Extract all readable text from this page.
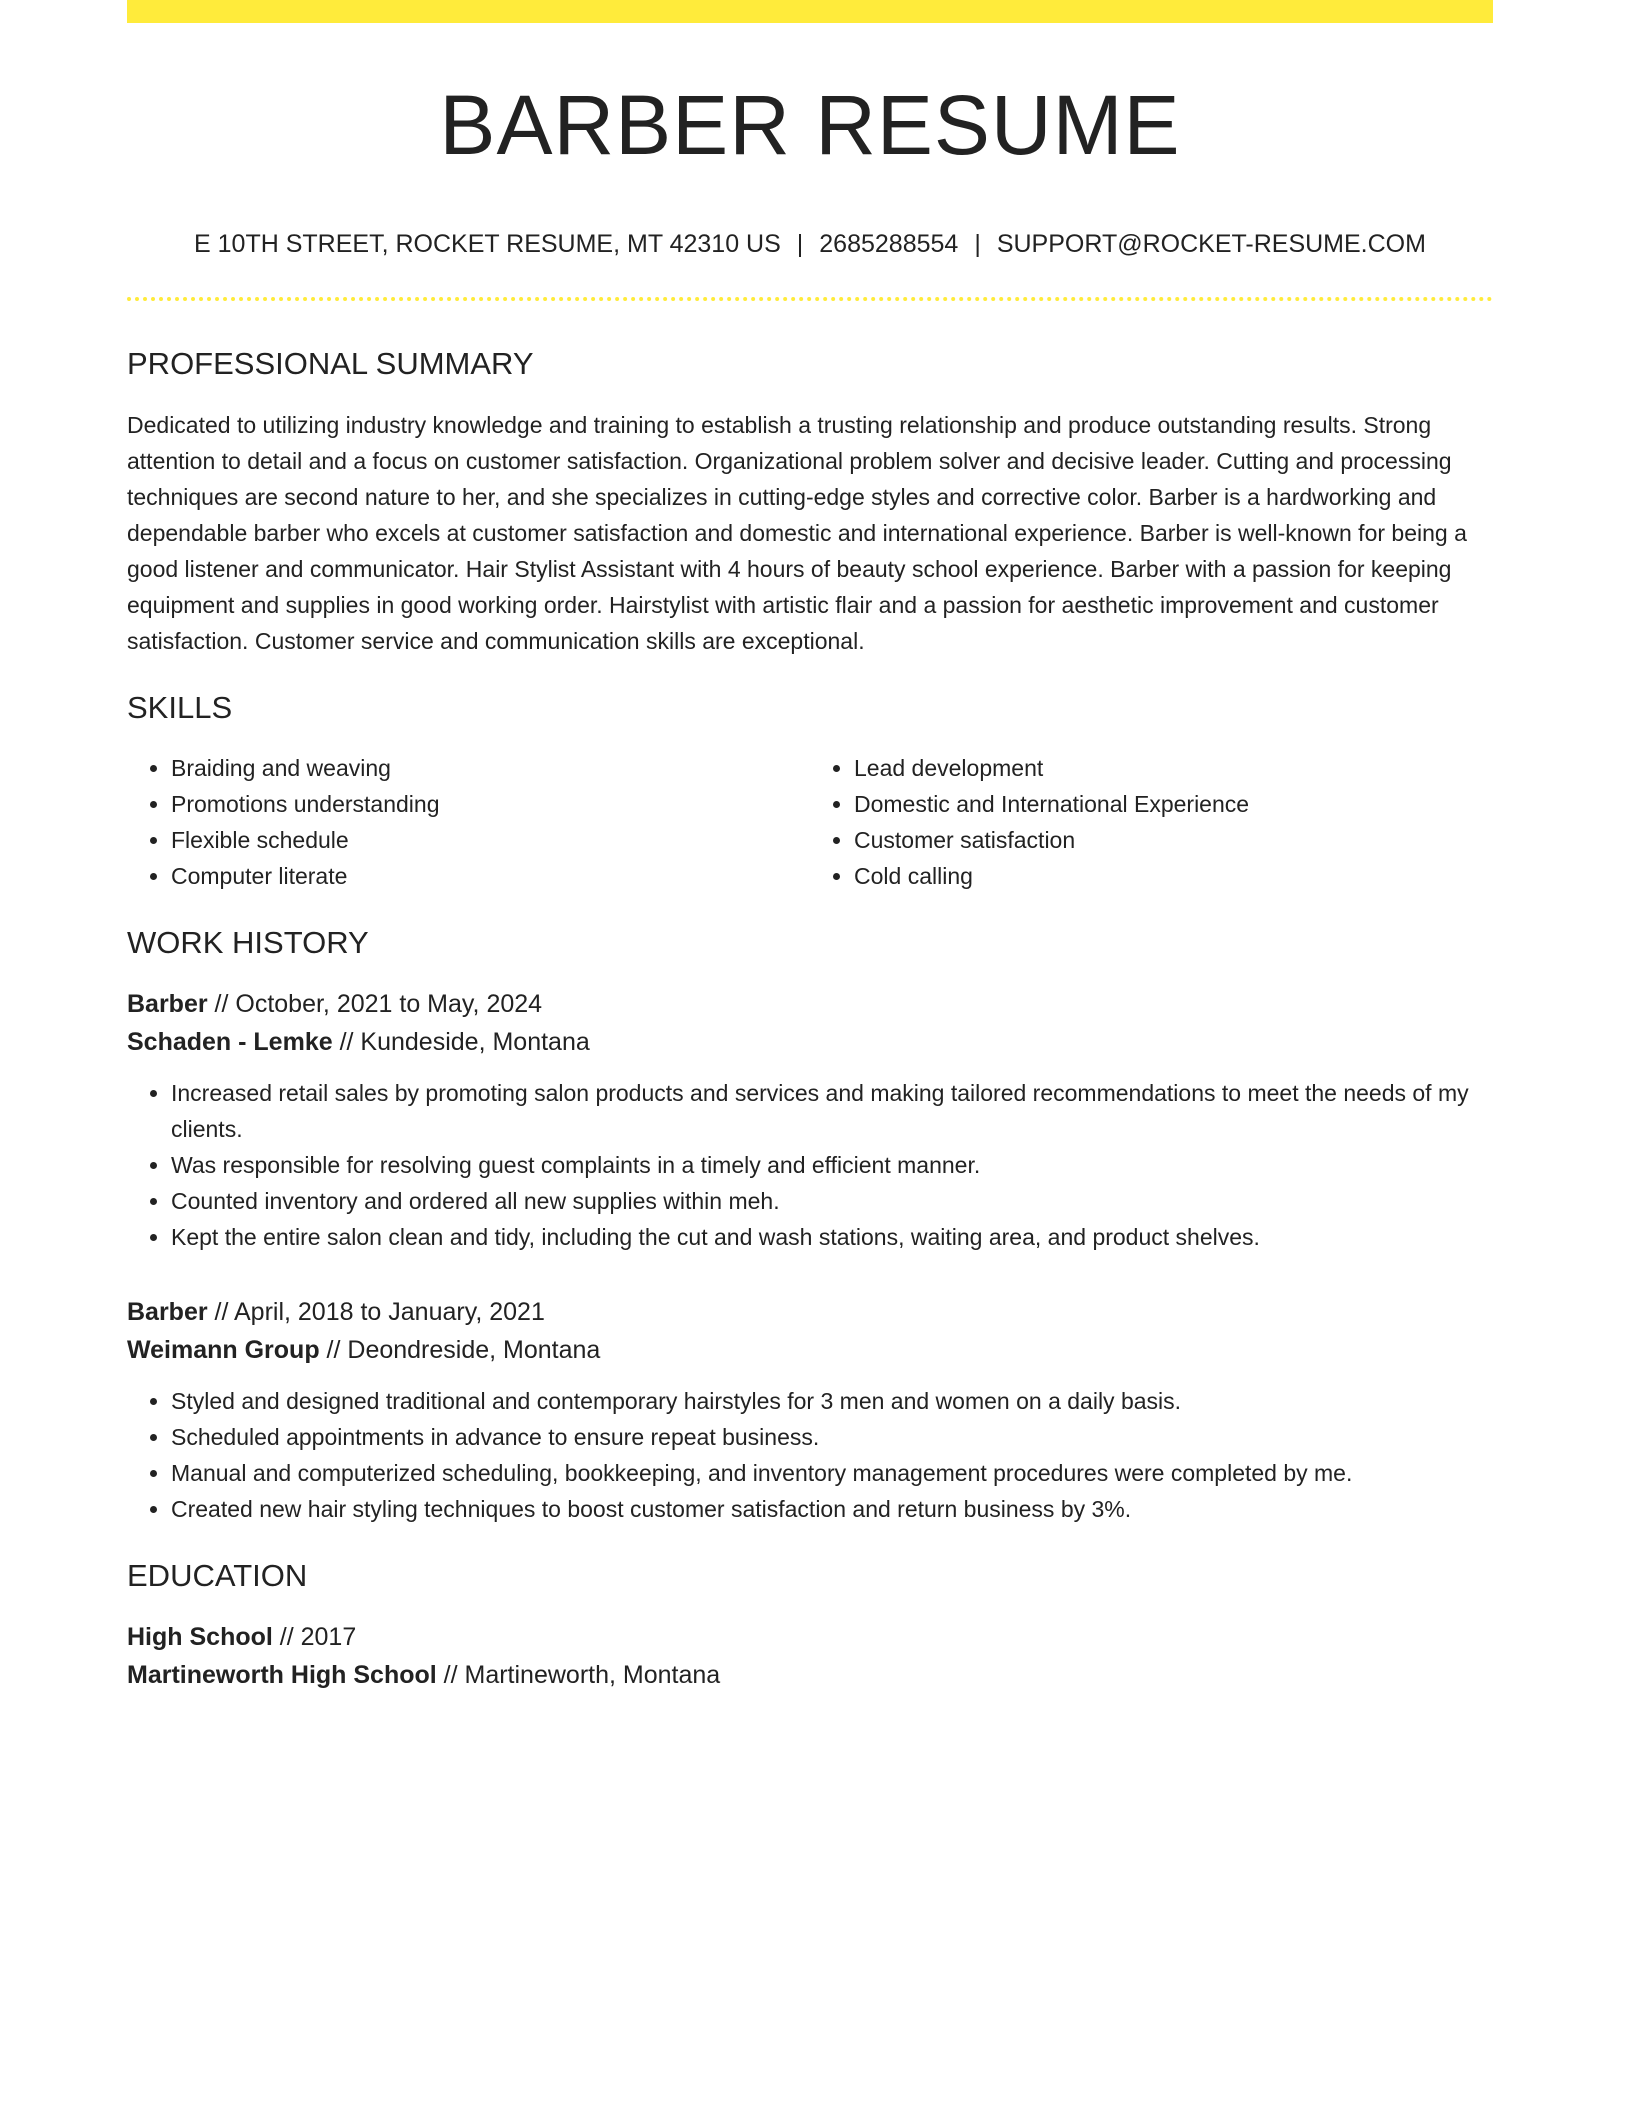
BARBER RESUME
E 10TH STREET, ROCKET RESUME, MT 42310 US | 2685288554 | SUPPORT@ROCKET-RESUME.COM
PROFESSIONAL SUMMARY

Dedicated to utilizing industry knowledge and training to establish a trusting relationship and produce outstanding results. Strong attention to detail and a focus on customer satisfaction. Organizational problem solver and decisive leader. Cutting and processing techniques are second nature to her, and she specializes in cutting-edge styles and corrective color. Barber is a hardworking and dependable barber who excels at customer satisfaction and domestic and international experience. Barber is well-known for being a good listener and communicator. Hair Stylist Assistant with 4 hours of beauty school experience. Barber with a passion for keeping equipment and supplies in good working order. Hairstylist with artistic flair and a passion for aesthetic improvement and customer satisfaction. Customer service and communication skills are exceptional.

SKILLS
• Braiding and weaving
• Promotions understanding
• Flexible schedule
• Computer literate
• Lead development
• Domestic and International Experience
• Customer satisfaction
• Cold calling
WORK HISTORY
Barber // October, 2021 to May, 2024
Schaden - Lemke // Kundeside, Montana
• Increased retail sales by promoting salon products and services and making tailored recommendations to meet the needs of my clients.
• Was responsible for resolving guest complaints in a timely and efficient manner.
• Counted inventory and ordered all new supplies within meh.
• Kept the entire salon clean and tidy, including the cut and wash stations, waiting area, and product shelves.
Barber // April, 2018 to January, 2021
Weimann Group // Deondreside, Montana
• Styled and designed traditional and contemporary hairstyles for 3 men and women on a daily basis.
• Scheduled appointments in advance to ensure repeat business.
• Manual and computerized scheduling, bookkeeping, and inventory management procedures were completed by me.
• Created new hair styling techniques to boost customer satisfaction and return business by 3%.
EDUCATION
High School // 2017
Martineworth High School // Martineworth, Montana
